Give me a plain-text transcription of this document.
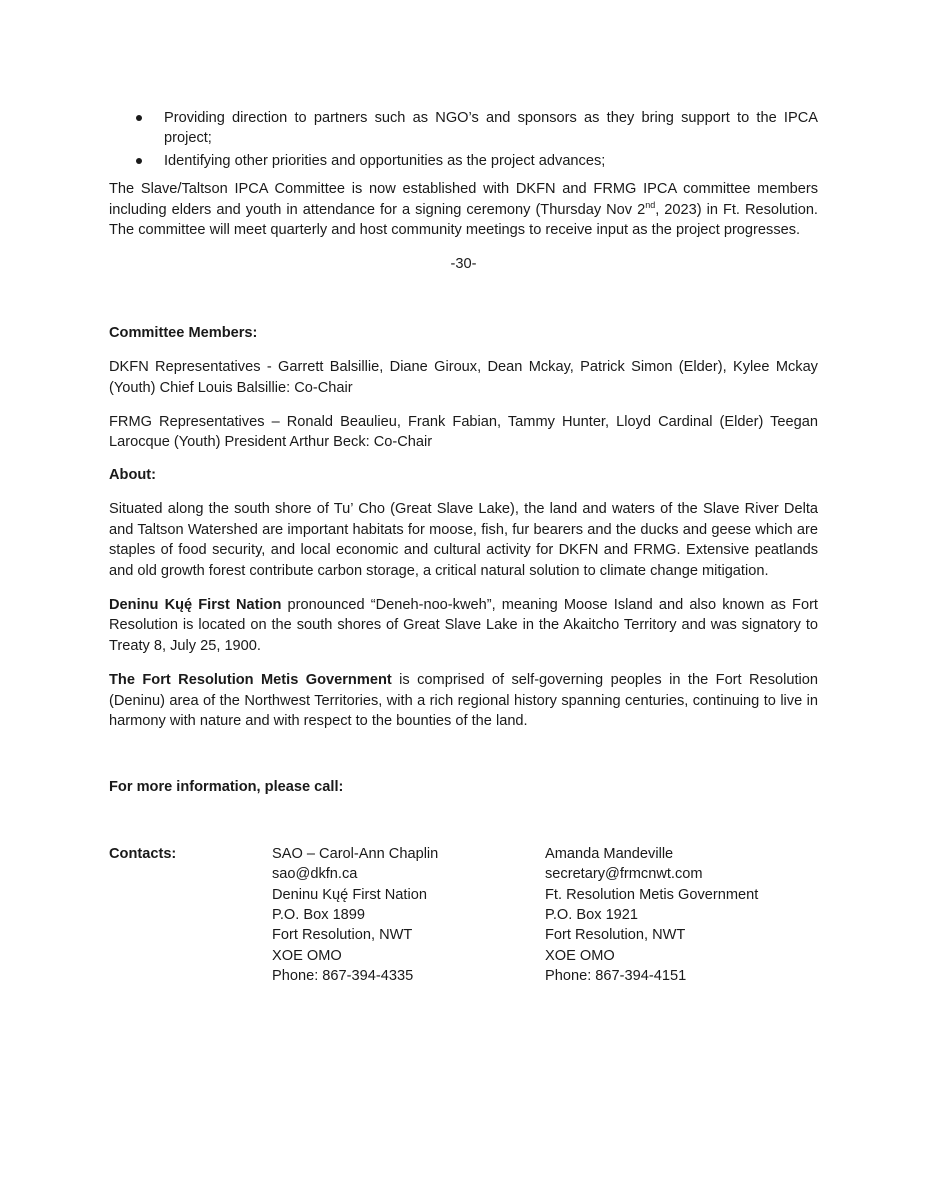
Providing direction to partners such as NGO’s and sponsors as they bring support to the IPCA project;
Identifying other priorities and opportunities as the project advances;

The Slave/Taltson IPCA Committee is now established with DKFN and FRMG IPCA committee members including elders and youth in attendance for a signing ceremony (Thursday Nov 2nd, 2023) in Ft. Resolution. The committee will meet quarterly and host community meetings to receive input as the project progresses.

-30-

Committee Members:

DKFN Representatives - Garrett Balsillie, Diane Giroux, Dean Mckay, Patrick Simon (Elder), Kylee Mckay (Youth) Chief Louis Balsillie: Co-Chair

FRMG Representatives – Ronald Beaulieu, Frank Fabian, Tammy Hunter, Lloyd Cardinal (Elder) Teegan Larocque (Youth) President Arthur Beck: Co-Chair

About:

Situated along the south shore of Tu’ Cho (Great Slave Lake), the land and waters of the Slave River Delta and Taltson Watershed are important habitats for moose, fish, fur bearers and the ducks and geese which are staples of food security, and local economic and cultural activity for DKFN and FRMG. Extensive peatlands and old growth forest contribute carbon storage, a critical natural solution to climate change mitigation.

Deninu Kųę́ First Nation pronounced “Deneh-noo-kweh”, meaning Moose Island and also known as Fort Resolution is located on the south shores of Great Slave Lake in the Akaitcho Territory and was signatory to Treaty 8, July 25, 1900.

The Fort Resolution Metis Government is comprised of self-governing peoples in the Fort Resolution (Deninu) area of the Northwest Territories, with a rich regional history spanning centuries, continuing to live in harmony with nature and with respect to the bounties of the land.

For more information, please call:

Contacts:	SAO – Carol-Ann Chaplin
sao@dkfn.ca
Deninu Kųę́ First Nation
P.O. Box 1899
Fort Resolution, NWT
XOE OMO
Phone: 867-394-4335
Amanda Mandeville
secretary@frmcnwt.com
Ft. Resolution Metis Government
P.O. Box 1921
Fort Resolution, NWT
XOE OMO
Phone: 867-394-4151
